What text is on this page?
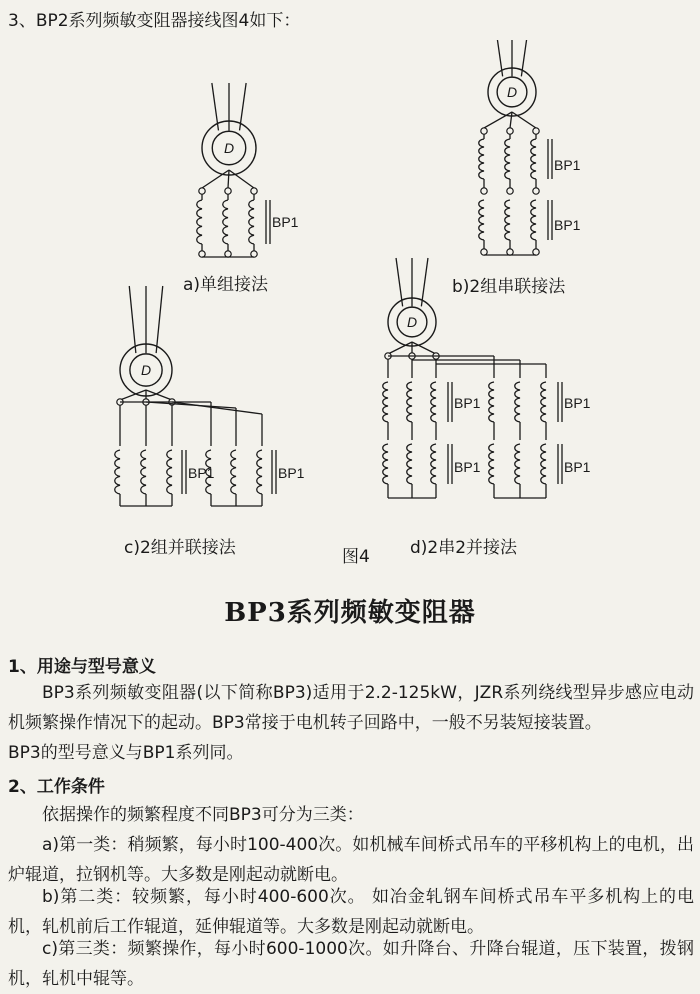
3、BP2系列频敏变阻器接线图4如下：
D
BP1
D
BP1
BP1
D
BP1	BP1
D
BP1
BP1
BP1
BP1
a)单组接法	b)2组串联接法
c)2组并联接法	图4 d)2串2并接法
BP3系列频敏变阻器
1、用途与型号意义
BP3系列频敏变阻器(以下简称BP3)适用于2.2-125kW，JZR系列绕线型异步感应电动机频繁操作情况下的起动。BP3常接于电机转子回路中，一般不另装短接装置。
BP3的型号意义与BP1系列同。
2、工作条件
依据操作的频繁程度不同BP3可分为三类：
a)第一类：稍频繁，每小时100-400次。如机械车间桥式吊车的平移机构上的电机，出炉辊道，拉钢机等。大多数是刚起动就断电。
b)第二类：较频繁，每小时400-600次。 如冶金轧钢车间桥式吊车平多机构上的电机，轧机前后工作辊道，延伸辊道等。大多数是刚起动就断电。
c)第三类：频繁操作，每小时600-1000次。如升降台、升降台辊道，压下装置，拨钢机，轧机中辊等。
